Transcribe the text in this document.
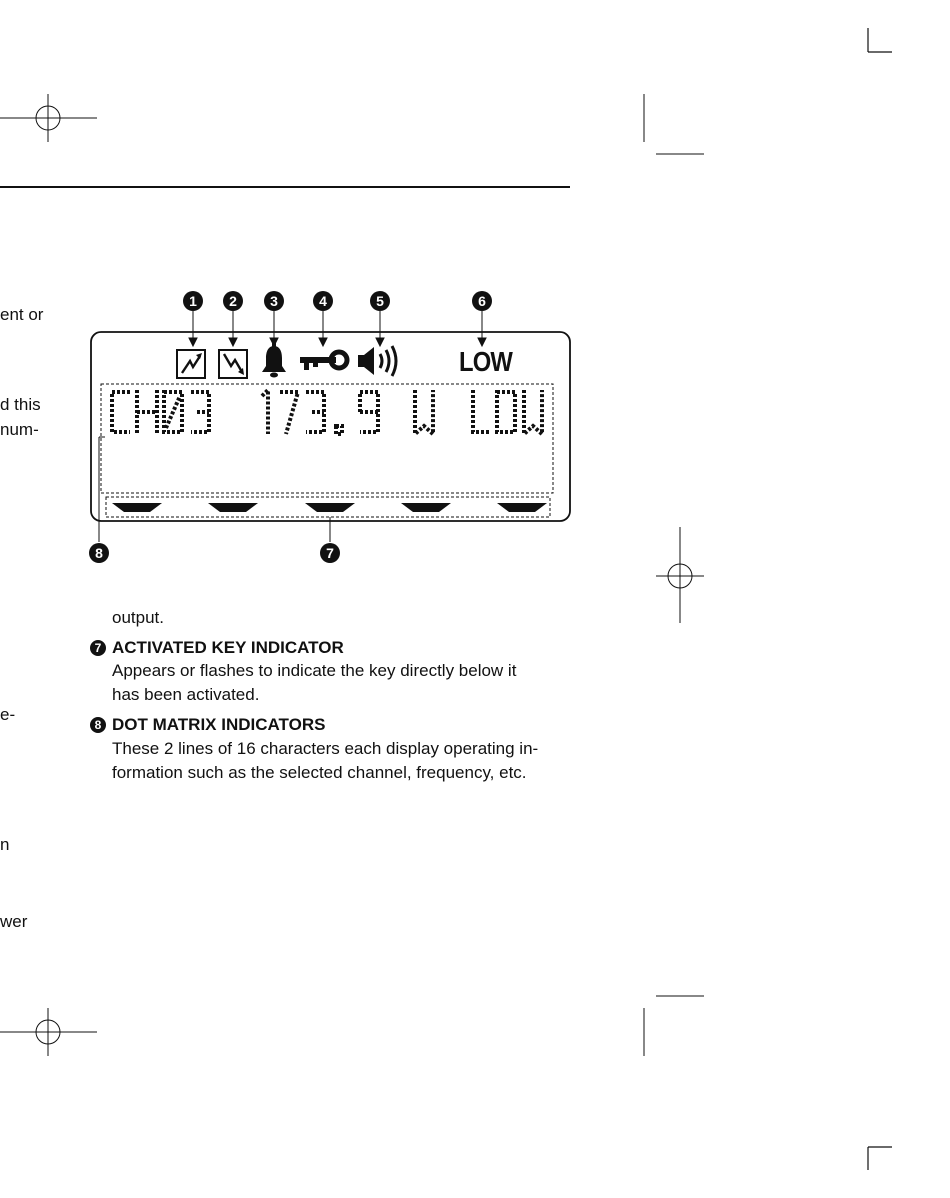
ent or
d this
num-
e-
n
wer
LOW
1	2	3	4	5	6
7
8
output.
7 ACTIVATED KEY INDICATOR
Appears or flashes to indicate the key directly below it
has been activated.
8 DOT MATRIX INDICATORS
These 2 lines of 16 characters each display operating in-
formation such as the selected channel, frequency, etc.
